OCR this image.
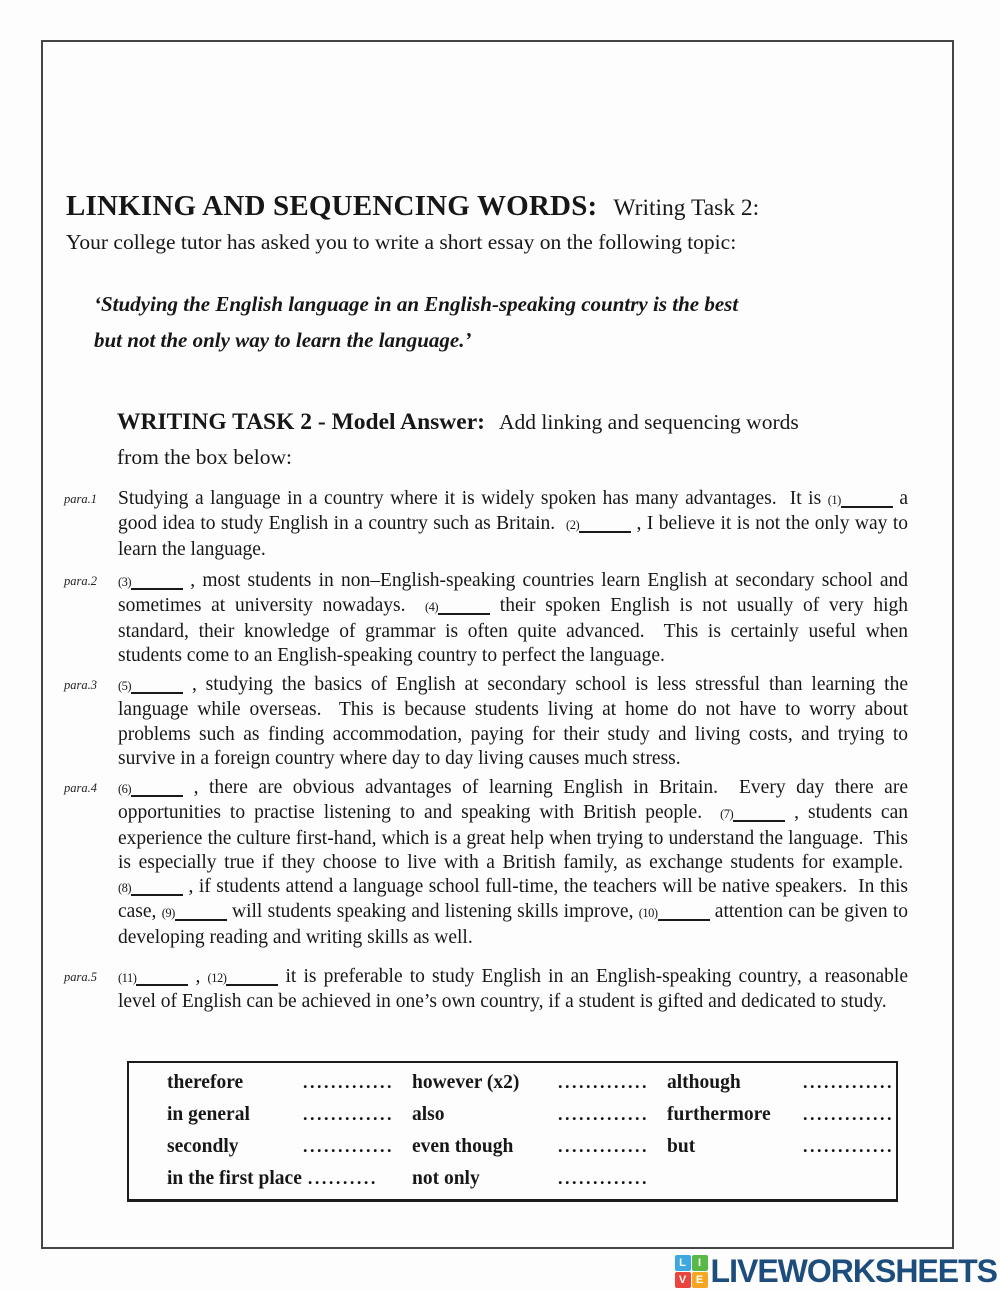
LINKING AND SEQUENCING WORDS: Writing Task 2:
Your college tutor has asked you to write a short essay on the following topic:
‘Studying the English language in an English-speaking country is the best
but not the only way to learn the language.’
WRITING TASK 2 - Model Answer: Add linking and sequencing words
from the box below:
para.1	Studying a language in a country where it is widely spoken has many advantages.  It is (1)	a good idea to study English in a country such as Britain.  (2)	, I believe it is not the only way to learn the language.
para.2	(3)	, most students in non–English-speaking countries learn English at secondary school and sometimes at university nowadays.  (4)	their spoken English is not usually of very high standard, their knowledge of grammar is often quite advanced.  This is certainly useful when students come to an English-speaking country to perfect the language.
para.3	(5)	, studying the basics of English at secondary school is less stressful than learning the language while overseas.  This is because students living at home do not have to worry about problems such as finding accommodation, paying for their study and living costs, and trying to survive in a foreign country where day to day living causes much stress.
para.4	(6)	, there are obvious advantages of learning English in Britain.  Every day there are opportunities to practise listening to and speaking with British people.  (7)	, students can experience the culture first-hand, which is a great help when trying to understand the language.  This is especially true if they choose to live with a British family, as exchange students for example.  (8)	, if students attend a language school full-time, the teachers will be native speakers.  In this case, (9)	will students speaking and listening skills improve, (10)	attention can be given to developing reading and writing skills as well.
para.5	(11)	, (12)	it is preferable to study English in an English-speaking country, a reasonable level of English can be achieved in one’s own country, if a student is gifted and dedicated to study.
therefore	............. however (x2)	............. although	.............
in general	............. also	............. furthermore	.............
secondly	............. even though	............. but	.............
in the first place .......... not only	.............
L	I
V E LIVEWORKSHEETS
